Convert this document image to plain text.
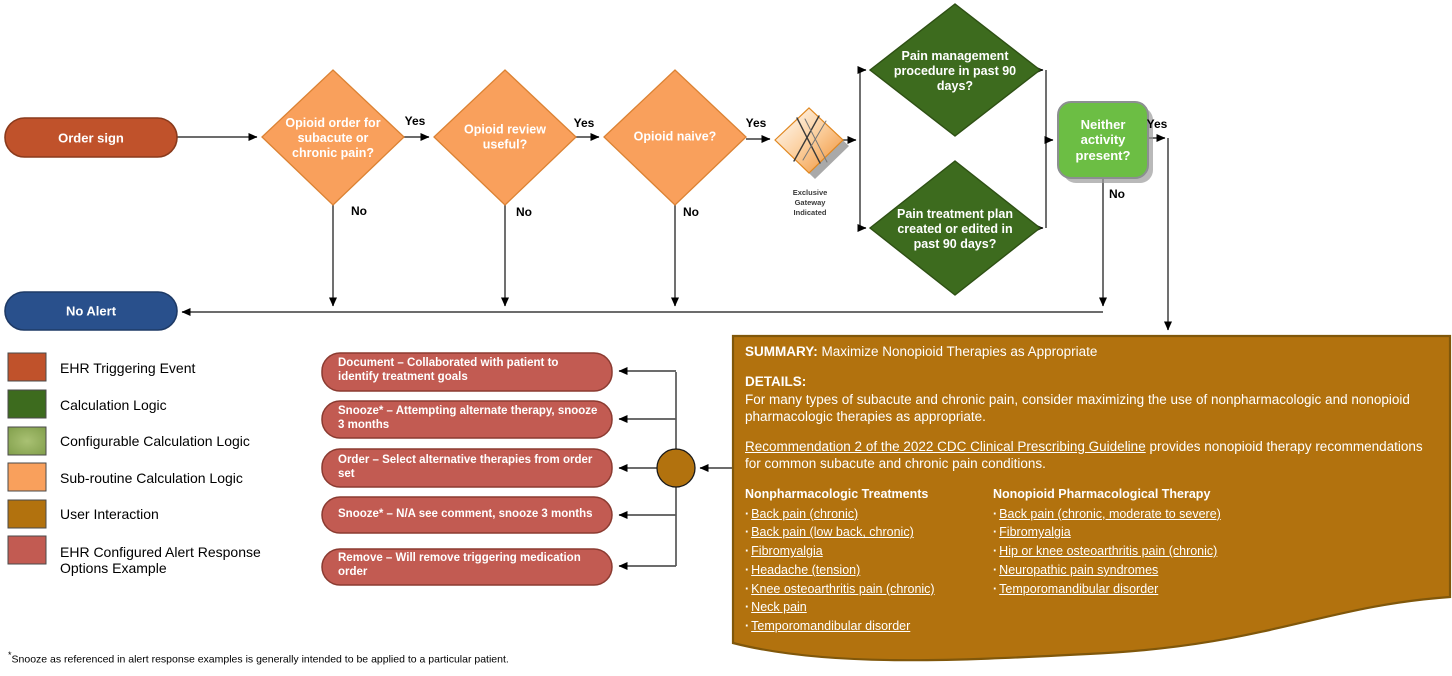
Order sign
No Alert
Opioid order for subacute or chronic pain?
Opioid review useful?
Opioid naive?
Exclusive Gateway Indicated
Pain management procedure in past 90 days?
Pain treatment plan created or edited in past 90 days?
Neither activity present?
Yes	Yes	Yes	Yes
No	No	No
No
Document – Collaborated with patient to identify treatment goals
Snooze* – Attempting alternate therapy, snooze 3 months
Order – Select alternative therapies from order set
Snooze* – N/A see comment, snooze 3 months
Remove – Will remove triggering medication order
EHR Triggering Event
Calculation Logic
Configurable Calculation Logic
Sub-routine Calculation Logic
User Interaction
EHR Configured Alert Response Options Example
SUMMARY: Maximize Nonopioid Therapies as Appropriate
DETAILS:
For many types of subacute and chronic pain, consider maximizing the use of nonpharmacologic and nonopioid pharmacologic therapies as appropriate.
Recommendation 2 of the 2022 CDC Clinical Prescribing Guideline provides nonopioid therapy recommendations for common subacute and chronic pain conditions.
Nonpharmacologic Treatments
· Back pain (chronic)
· Back pain (low back, chronic)
· Fibromyalgia
· Headache (tension)
· Knee osteoarthritis pain (chronic)
· Neck pain
· Temporomandibular disorder
Nonopioid Pharmacological Therapy
· Back pain (chronic, moderate to severe)
· Fibromyalgia
· Hip or knee osteoarthritis pain (chronic)
· Neuropathic pain syndromes
· Temporomandibular disorder
*Snooze as referenced in alert response examples is generally intended to be applied to a particular patient.
